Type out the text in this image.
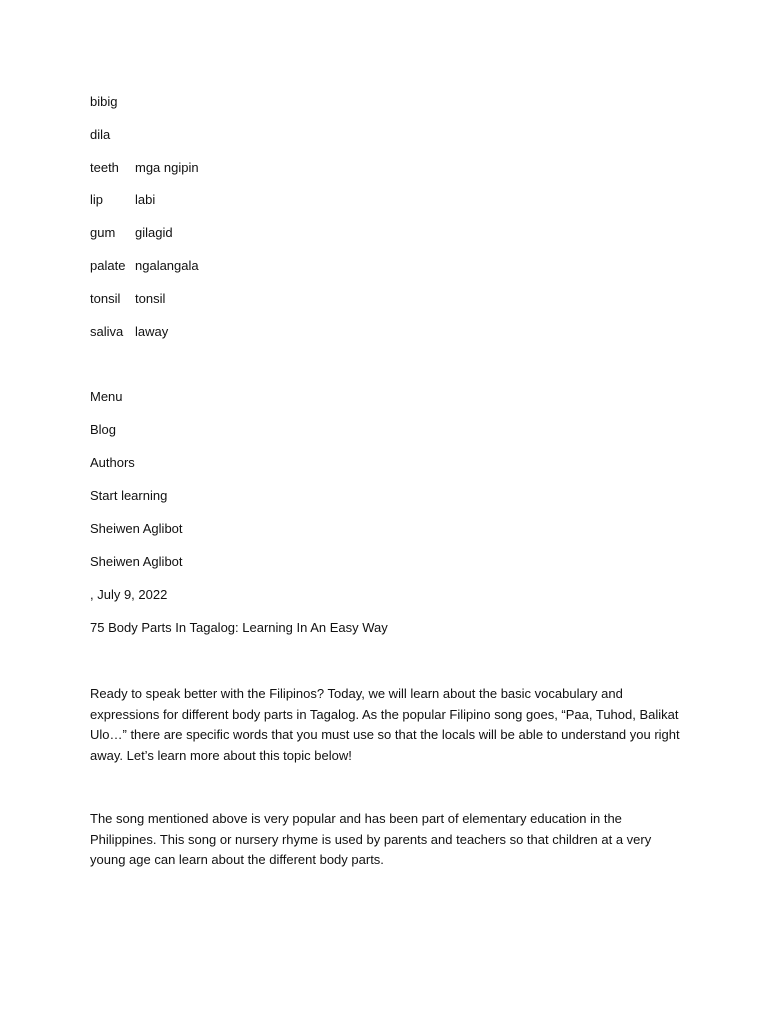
bibig
dila
teeth mga ngipin
lip labi
gum gilagid
palate ngalangala
tonsil tonsil
saliva laway
Menu
Blog
Authors
Start learning
Sheiwen Aglibot
Sheiwen Aglibot
, July 9, 2022
75 Body Parts In Tagalog: Learning In An Easy Way
Ready to speak better with the Filipinos? Today, we will learn about the basic vocabulary and expressions for different body parts in Tagalog. As the popular Filipino song goes, “Paa, Tuhod, Balikat Ulo…” there are specific words that you must use so that the locals will be able to understand you right away. Let’s learn more about this topic below!
The song mentioned above is very popular and has been part of elementary education in the Philippines. This song or nursery rhyme is used by parents and teachers so that children at a very young age can learn about the different body parts.
